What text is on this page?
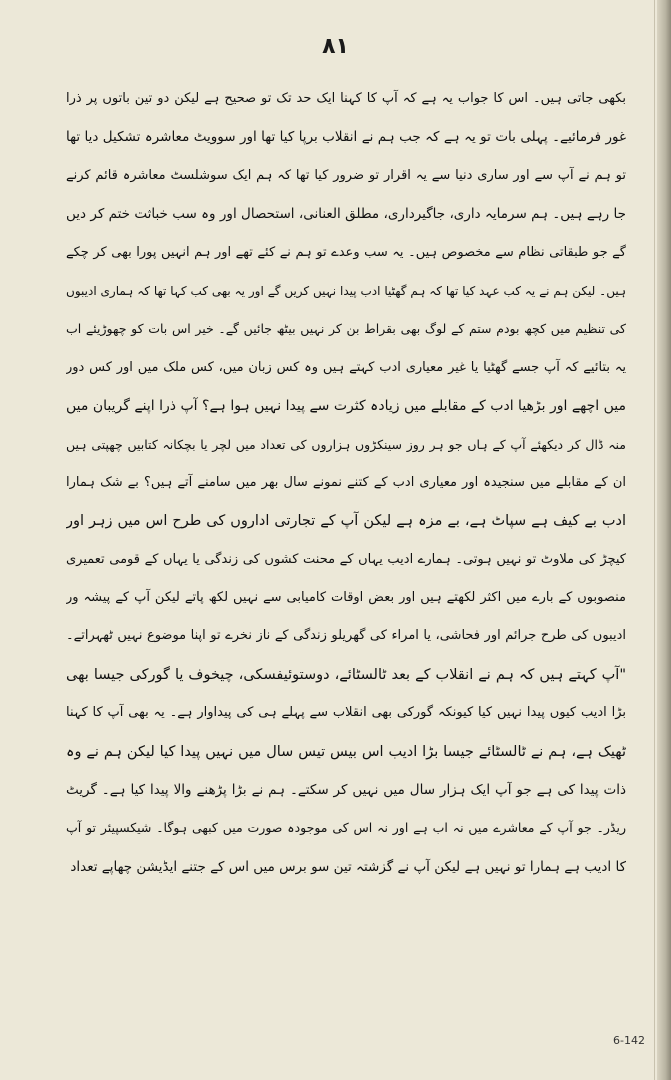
۸۱
بکھی جاتی ہیں۔ اس کا جواب یہ ہے کہ آپ کا کہنا ایک حد تک تو صحیح ہے لیکن دو تین باتوں پر ذرا
غور فرمائیے۔ پہلی بات تو یہ ہے کہ جب ہم نے انقلاب برپا کیا تھا اور سوویٹ معاشرہ تشکیل دیا تھا
تو ہم نے آپ سے اور ساری دنیا سے یہ اقرار تو ضرور کیا تھا کہ ہم ایک سوشلسٹ معاشرہ قائم کرنے
جا رہے ہیں۔ ہم سرمایہ داری، جاگیرداری، مطلق العنانی، استحصال اور وہ سب خباثت ختم کر دیں
گے جو طبقاتی نظام سے مخصوص ہیں۔ یہ سب وعدے تو ہم نے کئے تھے اور ہم انہیں پورا بھی کر چکے
ہیں۔ لیکن ہم نے یہ کب عہد کیا تھا کہ ہم گھٹیا ادب پیدا نہیں کریں گے اور یہ بھی کب کہا تھا کہ ہماری ادیبوں
کی تنظیم میں کچھ بودم ستم کے لوگ بھی بقراط بن کر نہیں بیٹھ جائیں گے۔ خیر اس بات کو چھوڑیئے اب
یہ بتائیے کہ آپ جسے گھٹیا یا غیر معیاری ادب کہتے ہیں وہ کس زبان میں، کس ملک میں اور کس دور
میں اچھے اور بڑھیا ادب کے مقابلے میں زیادہ کثرت سے پیدا نہیں ہوا ہے؟ آپ ذرا اپنے گریبان میں
منہ ڈال کر دیکھئے آپ کے ہاں جو ہر روز سینکڑوں ہزاروں کی تعداد میں لچر یا بچکانہ کتابیں چھپتی ہیں
ان کے مقابلے میں سنجیدہ اور معیاری ادب کے کتنے نمونے سال بھر میں سامنے آتے ہیں؟ بے شک ہمارا
ادب بے کیف ہے سپاٹ ہے، بے مزہ ہے لیکن آپ کے تجارتی اداروں کی طرح اس میں زہر اور
کیچڑ کی ملاوٹ تو نہیں ہوتی۔ ہمارے ادیب یہاں کے محنت کشوں کی زندگی یا یہاں کے قومی تعمیری
منصوبوں کے بارے میں اکثر لکھتے ہیں اور بعض اوقات کامیابی سے نہیں لکھ پاتے لیکن آپ کے پیشہ ور
ادیبوں کی طرح جرائم اور فحاشی، یا امراء کی گھریلو زندگی کے ناز نخرے تو اپنا موضوع نہیں ٹھہراتے۔
"آپ کہتے ہیں کہ ہم نے انقلاب کے بعد ٹالسٹائے، دوستوئیفسکی، چیخوف یا گورکی جیسا بھی
بڑا ادیب کیوں پیدا نہیں کیا کیونکہ گورکی بھی انقلاب سے پہلے ہی کی پیداوار ہے۔ یہ بھی آپ کا کہنا
ٹھیک ہے، ہم نے ٹالسٹائے جیسا بڑا ادیب اس بیس تیس سال میں نہیں پیدا کیا لیکن ہم نے وہ
ذات پیدا کی ہے جو آپ ایک ہزار سال میں نہیں کر سکتے۔ ہم نے بڑا پڑھنے والا پیدا کیا ہے۔ گریٹ
ریڈر۔ جو آپ کے معاشرے میں نہ اب ہے اور نہ اس کی موجودہ صورت میں کبھی ہوگا۔ شیکسپیئر تو آپ
کا ادیب ہے ہمارا تو نہیں ہے لیکن آپ نے گزشتہ تین سو برس میں اس کے جتنے ایڈیشن چھاپے تعداد
6-142
